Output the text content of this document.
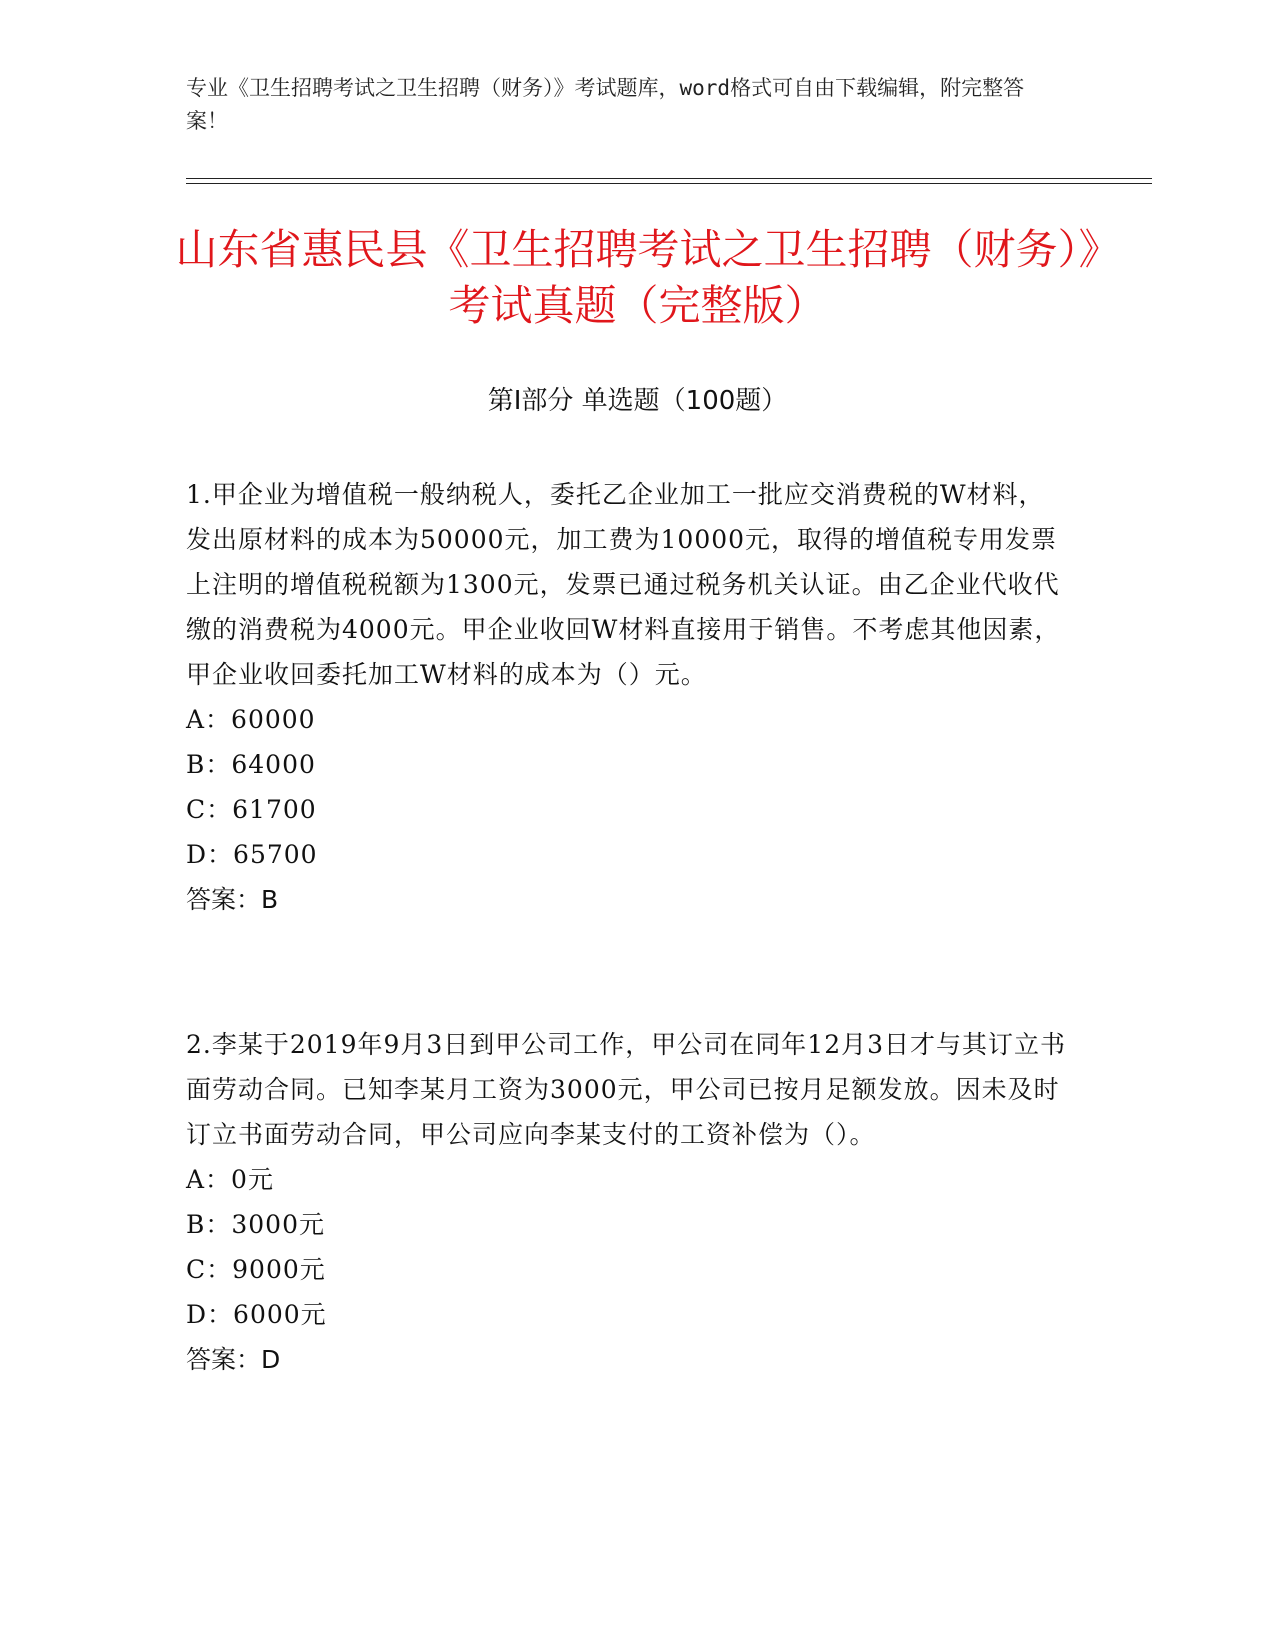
专业《卫生招聘考试之卫生招聘（财务）》考试题库，word格式可自由下载编辑，附完整答案！
山东省惠民县《卫生招聘考试之卫生招聘（财务）》考试真题（完整版）
第Ⅰ部分 单选题（100题）

1.甲企业为增值税一般纳税人，委托乙企业加工一批应交消费税的W材料，发出原材料的成本为50000元，加工费为10000元，取得的增值税专用发票上注明的增值税税额为1300元，发票已通过税务机关认证。由乙企业代收代缴的消费税为4000元。甲企业收回W材料直接用于销售。不考虑其他因素，甲企业收回委托加工W材料的成本为（）元。

A：60000

B：64000

C：61700

D：65700

答案：B

2.李某于2019年9月3日到甲公司工作，甲公司在同年12月3日才与其订立书面劳动合同。已知李某月工资为3000元，甲公司已按月足额发放。因未及时订立书面劳动合同，甲公司应向李某支付的工资补偿为（）。

A：0元

B：3000元

C：9000元

D：6000元

答案：D
